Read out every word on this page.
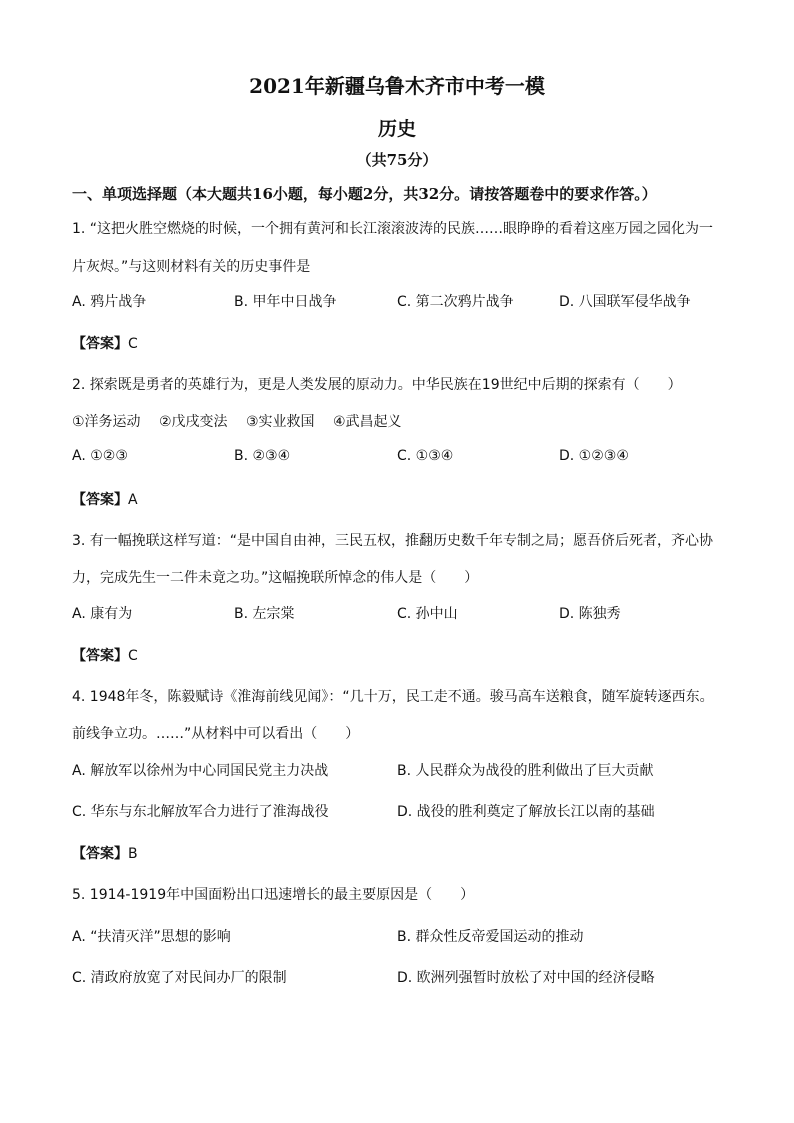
2021年新疆乌鲁木齐市中考一模
历史
（共75分）
一、单项选择题（本大题共16小题，每小题2分，共32分。请按答题卷中的要求作答。）
1. “这把火胜空燃烧的时候，一个拥有黄河和长江滚滚波涛的民族……眼睁睁的看着这座万园之园化为一
片灰烬。”与这则材料有关的历史事件是
A. 鸦片战争	B. 甲年中日战争	C. 第二次鸦片战争	D. 八国联军侵华战争
【答案】C
2. 探索既是勇者的英雄行为，更是人类发展的原动力。中华民族在19世纪中后期的探索有（　　）
①洋务运动　 ②戊戌变法　 ③实业救国　 ④武昌起义
A. ①②③	B. ②③④	C. ①③④	D. ①②③④
【答案】A
3. 有一幅挽联这样写道：“是中国自由神，三民五权，推翻历史数千年专制之局；愿吾侪后死者，齐心协
力，完成先生一二件未竟之功。”这幅挽联所悼念的伟人是（　　）
A. 康有为	B. 左宗棠	C. 孙中山	D. 陈独秀
【答案】C
4. 1948年冬，陈毅赋诗《淮海前线见闻》：“几十万，民工走不通。骏马高车送粮食，随军旋转逐西东。
前线争立功。……”从材料中可以看出（　　）
A. 解放军以徐州为中心同国民党主力决战	B. 人民群众为战役的胜利做出了巨大贡献
C. 华东与东北解放军合力进行了淮海战役	D. 战役的胜利奠定了解放长江以南的基础
【答案】B
5. 1914-1919年中国面粉出口迅速增长的最主要原因是（　　）
A. “扶清灭洋”思想的影响	B. 群众性反帝爱国运动的推动
C. 清政府放宽了对民间办厂的限制	D. 欧洲列强暂时放松了对中国的经济侵略
